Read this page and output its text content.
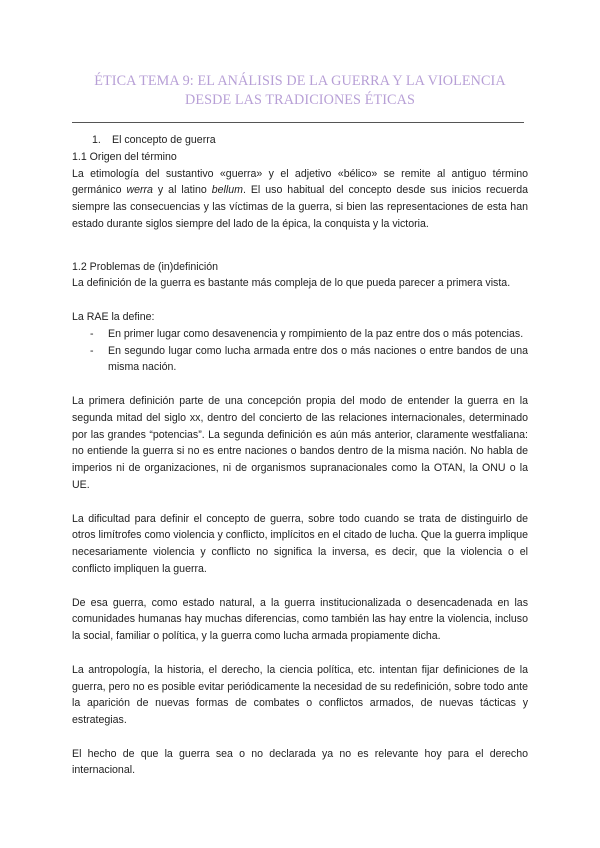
ÉTICA TEMA 9: EL ANÁLISIS DE LA GUERRA Y LA VIOLENCIA DESDE LAS TRADICIONES ÉTICAS
1. El concepto de guerra
1.1 Origen del término

La etimología del sustantivo «guerra» y el adjetivo «bélico» se remite al antiguo término germánico werra y al latino bellum. El uso habitual del concepto desde sus inicios recuerda siempre las consecuencias y las víctimas de la guerra, si bien las representaciones de esta han estado durante siglos siempre del lado de la épica, la conquista y la victoria.

1.2 Problemas de (in)definición

La definición de la guerra es bastante más compleja de lo que pueda parecer a primera vista.

La RAE la define:

- En primer lugar como desavenencia y rompimiento de la paz entre dos o más potencias.
- En segundo lugar como lucha armada entre dos o más naciones o entre bandos de una misma nación.

La primera definición parte de una concepción propia del modo de entender la guerra en la segunda mitad del siglo xx, dentro del concierto de las relaciones internacionales, determinado por las grandes “potencias”. La segunda definición es aún más anterior, claramente westfaliana: no entiende la guerra si no es entre naciones o bandos dentro de la misma nación. No habla de imperios ni de organizaciones, ni de organismos supranacionales como la OTAN, la ONU o la UE.

La dificultad para definir el concepto de guerra, sobre todo cuando se trata de distinguirlo de otros limítrofes como violencia y conflicto, implícitos en el citado de lucha. Que la guerra implique necesariamente violencia y conflicto no significa la inversa, es decir, que la violencia o el conflicto impliquen la guerra.

De esa guerra, como estado natural, a la guerra institucionalizada o desencadenada en las comunidades humanas hay muchas diferencias, como también las hay entre la violencia, incluso la social, familiar o política, y la guerra como lucha armada propiamente dicha.

La antropología, la historia, el derecho, la ciencia política, etc. intentan fijar definiciones de la guerra, pero no es posible evitar periódicamente la necesidad de su redefinición, sobre todo ante la aparición de nuevas formas de combates o conflictos armados, de nuevas tácticas y estrategias.

El hecho de que la guerra sea o no declarada ya no es relevante hoy para el derecho internacional.
